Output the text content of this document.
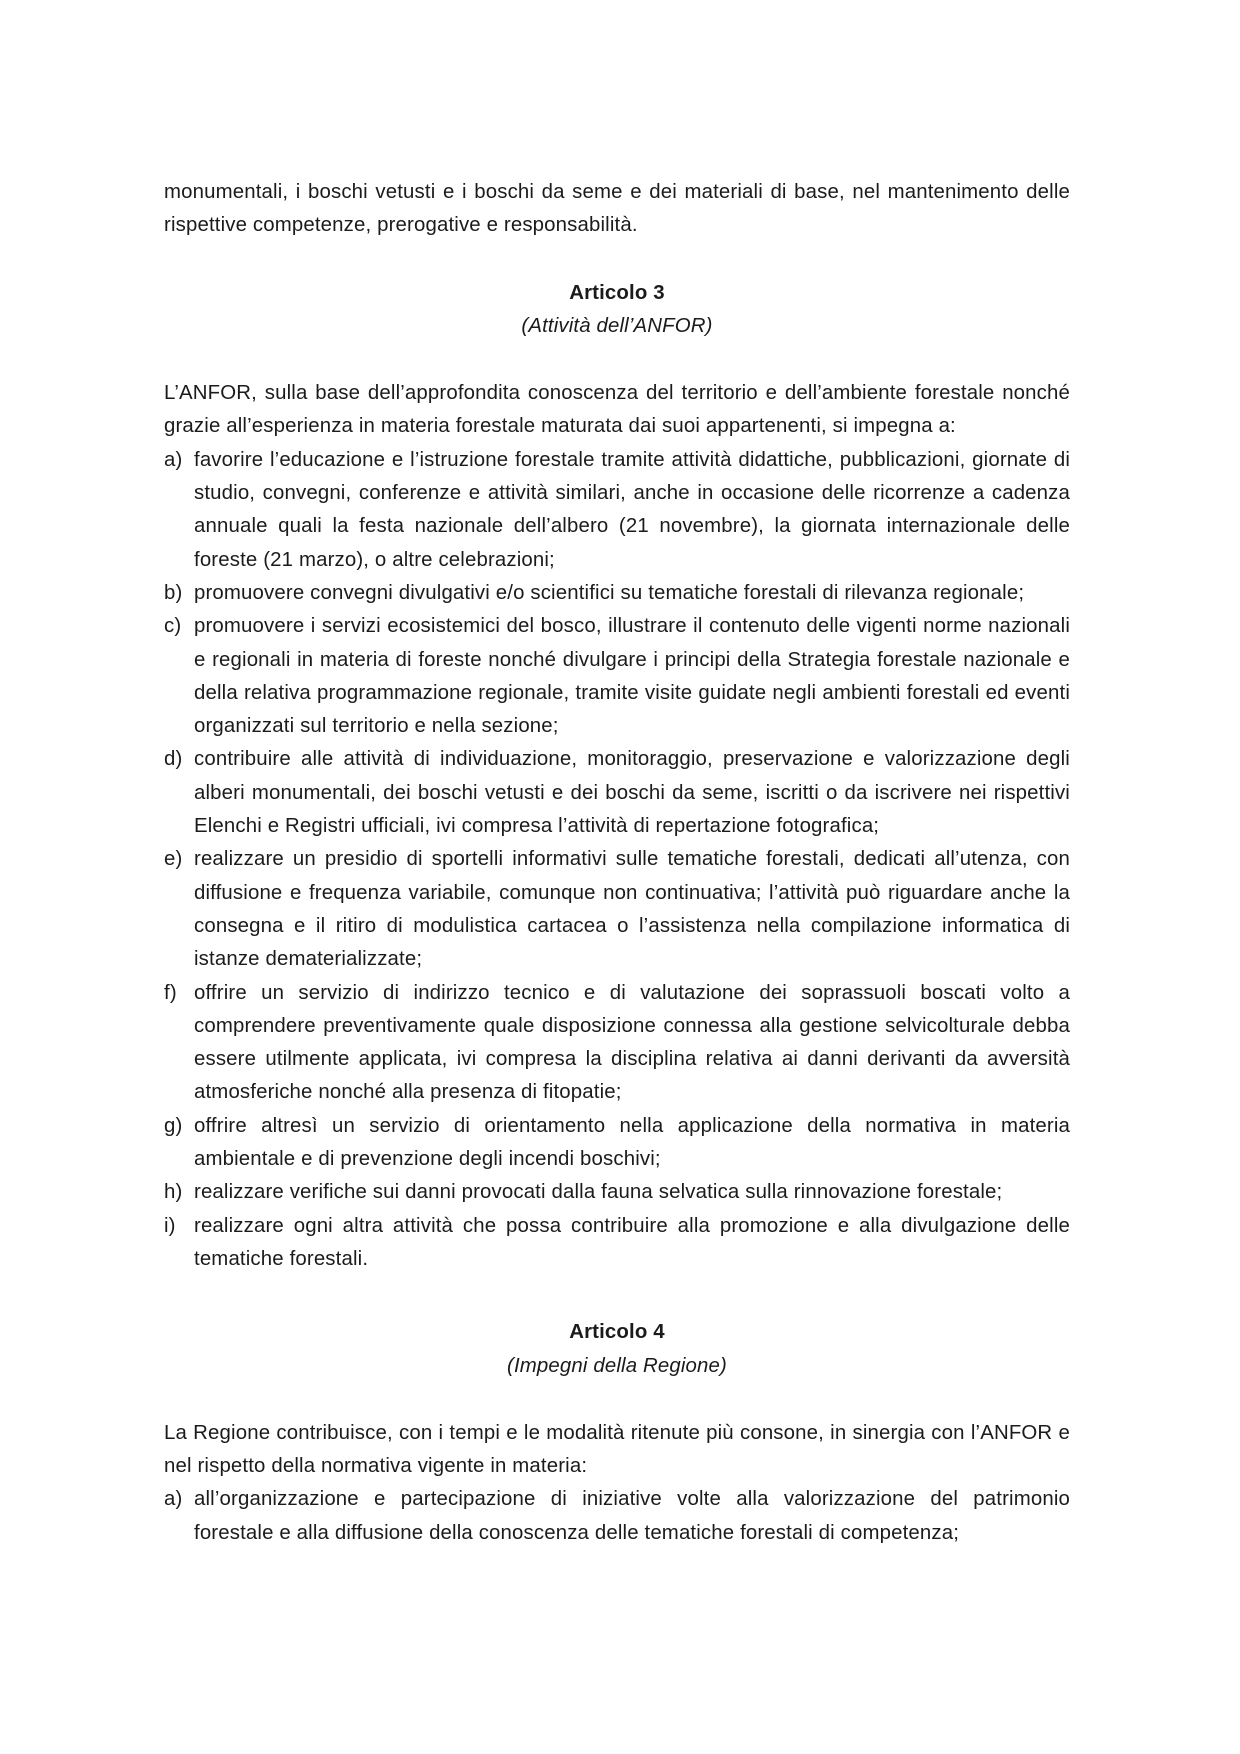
monumentali, i boschi vetusti e i boschi da seme e dei materiali di base, nel mantenimento delle rispettive competenze, prerogative e responsabilità.

Articolo 3

(Attività dell’ANFOR)

L’ANFOR, sulla base dell’approfondita conoscenza del territorio e dell’ambiente forestale nonché grazie all’esperienza in materia forestale maturata dai suoi appartenenti, si impegna a:

a) favorire l’educazione e l’istruzione forestale tramite attività didattiche, pubblicazioni, giornate di studio, convegni, conferenze e attività similari, anche in occasione delle ricorrenze a cadenza annuale quali la festa nazionale dell’albero (21 novembre), la giornata internazionale delle foreste (21 marzo), o altre celebrazioni;
b) promuovere convegni divulgativi e/o scientifici su tematiche forestali di rilevanza regionale;
c) promuovere i servizi ecosistemici del bosco, illustrare il contenuto delle vigenti norme nazionali e regionali in materia di foreste nonché divulgare i principi della Strategia forestale nazionale e della relativa programmazione regionale, tramite visite guidate negli ambienti forestali ed eventi organizzati sul territorio e nella sezione;
d) contribuire alle attività di individuazione, monitoraggio, preservazione e valorizzazione degli alberi monumentali, dei boschi vetusti e dei boschi da seme, iscritti o da iscrivere nei rispettivi Elenchi e Registri ufficiali, ivi compresa l’attività di repertazione fotografica;
e) realizzare un presidio di sportelli informativi sulle tematiche forestali, dedicati all’utenza, con diffusione e frequenza variabile, comunque non continuativa; l’attività può riguardare anche la consegna e il ritiro di modulistica cartacea o l’assistenza nella compilazione informatica di istanze dematerializzate;
f) offrire un servizio di indirizzo tecnico e di valutazione dei soprassuoli boscati volto a comprendere preventivamente quale disposizione connessa alla gestione selvicolturale debba essere utilmente applicata, ivi compresa la disciplina relativa ai danni derivanti da avversità atmosferiche nonché alla presenza di fitopatie;
g) offrire altresì un servizio di orientamento nella applicazione della normativa in materia ambientale e di prevenzione degli incendi boschivi;
h) realizzare verifiche sui danni provocati dalla fauna selvatica sulla rinnovazione forestale;
i) realizzare ogni altra attività che possa contribuire alla promozione e alla divulgazione delle tematiche forestali.

Articolo 4

(Impegni della Regione)

La Regione contribuisce, con i tempi e le modalità ritenute più consone, in sinergia con l’ANFOR e nel rispetto della normativa vigente in materia:

a) all’organizzazione e partecipazione di iniziative volte alla valorizzazione del patrimonio forestale e alla diffusione della conoscenza delle tematiche forestali di competenza;
